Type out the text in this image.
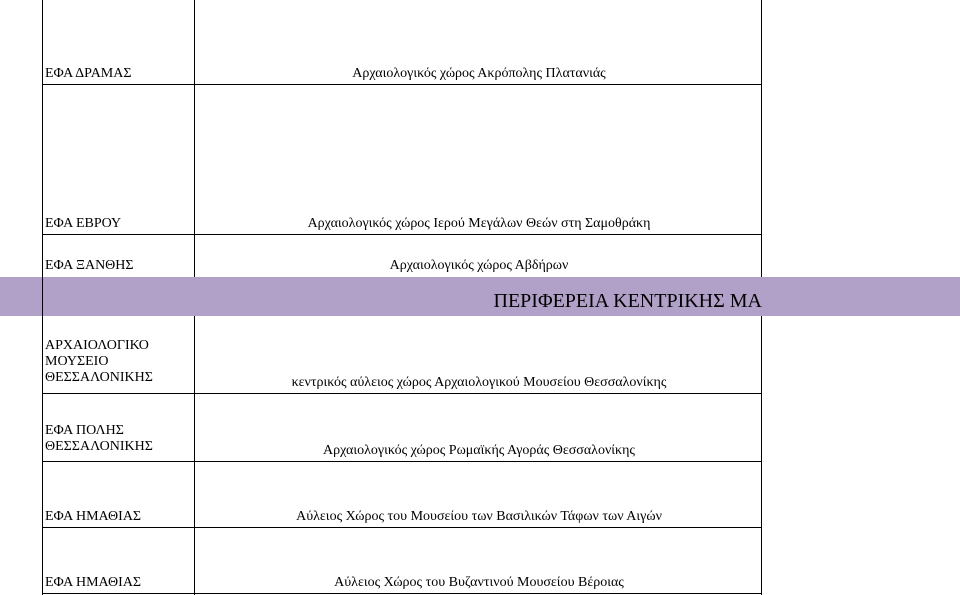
ΕΦΑ ΔΡΑΜΑΣ	Αρχαιολογικός χώρος Ακρόπολης Πλατανιάς
ΕΦΑ ΕΒΡΟΥ	Αρχαιολογικός χώρος Ιερού Μεγάλων Θεών στη Σαμοθράκη
ΕΦΑ ΞΑΝΘΗΣ	Αρχαιολογικός χώρος Αβδήρων
ΠΕΡΙΦΕΡΕΙΑ ΚΕΝΤΡΙΚΗΣ ΜΑ
ΑΡΧΑΙΟΛΟΓΙΚΟ
ΜΟΥΣΕΙΟ
ΘΕΣΣΑΛΟΝΙΚΗΣ	κεντρικός αύλειος χώρος Αρχαιολογικού Μουσείου Θεσσαλονίκης
ΕΦΑ ΠΟΛΗΣ
ΘΕΣΣΑΛΟΝΙΚΗΣ	Αρχαιολογικός χώρος Ρωμαϊκής Αγοράς Θεσσαλονίκης
ΕΦΑ ΗΜΑΘΙΑΣ	Αύλειος Χώρος του Μουσείου των Βασιλικών Τάφων των Αιγών
ΕΦΑ ΗΜΑΘΙΑΣ	Αύλειος Χώρος του Βυζαντινού Μουσείου Βέροιας
